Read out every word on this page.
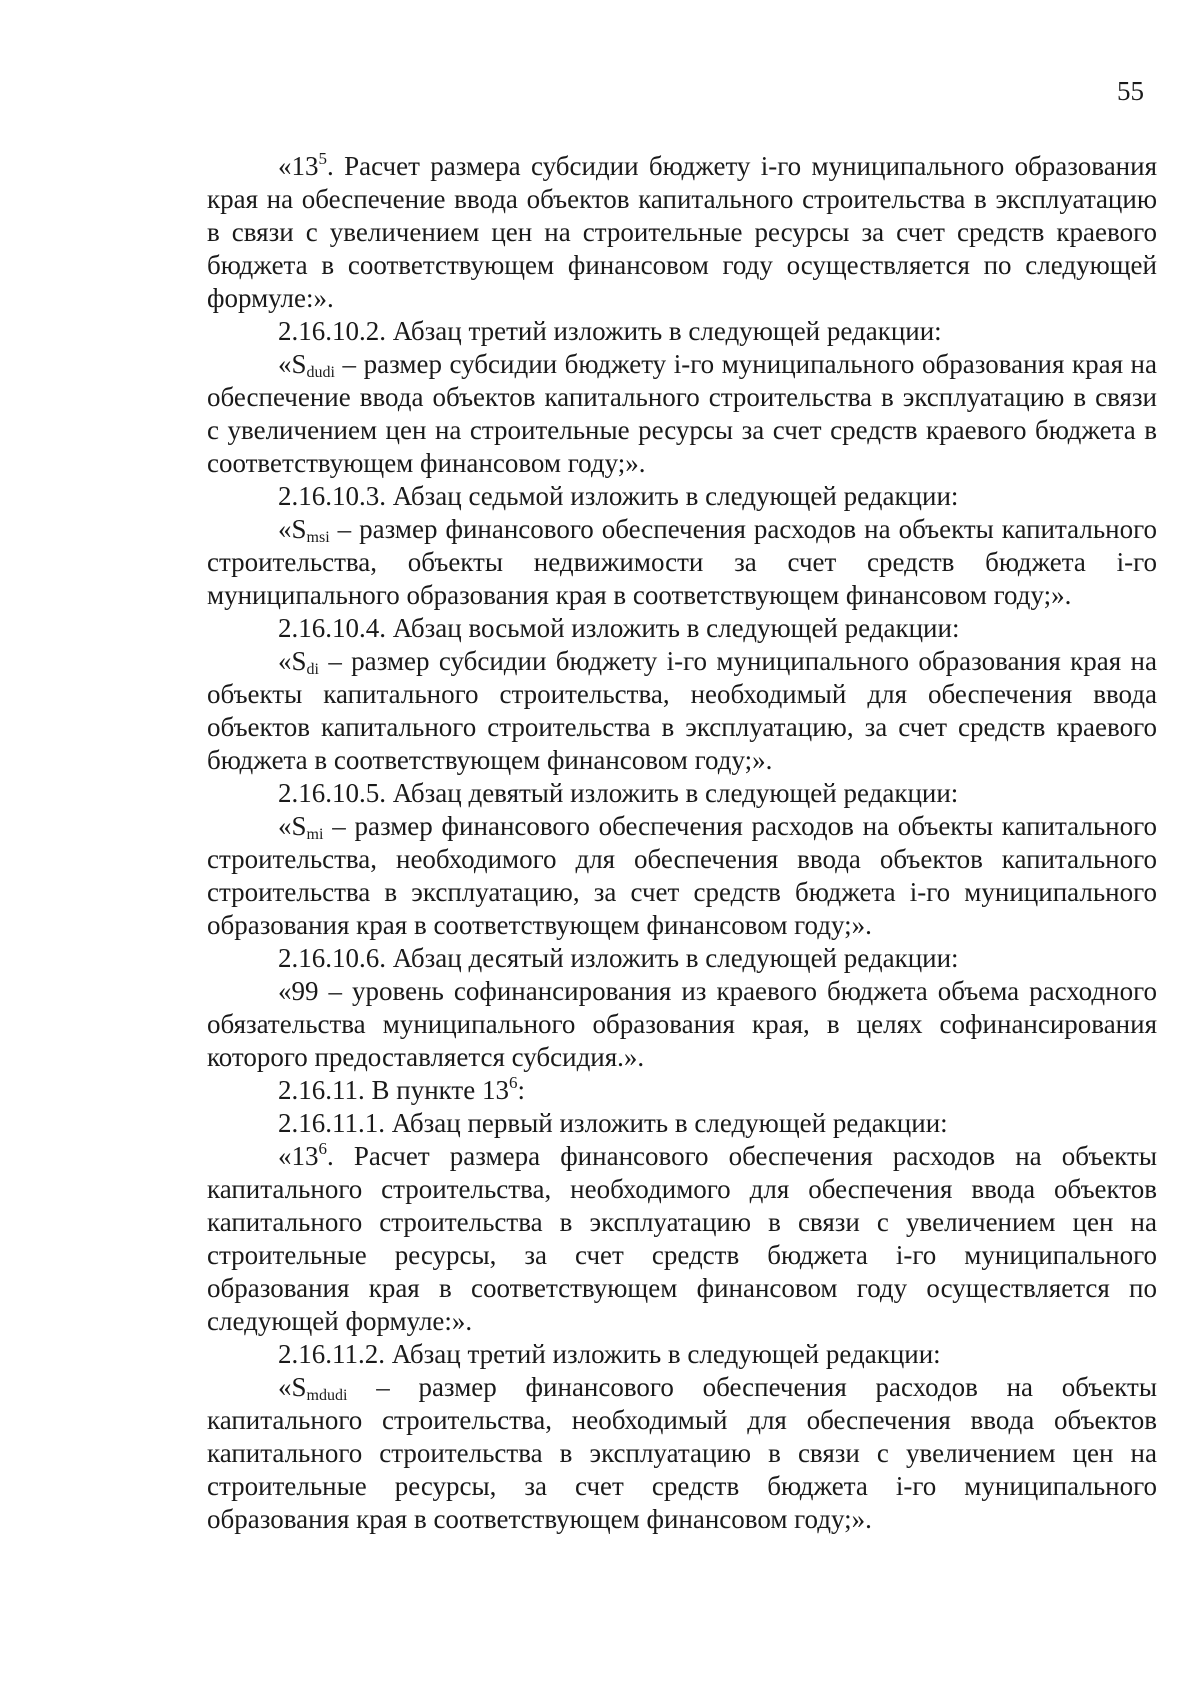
55

«$13^5$. Расчет размера субсидии бюджету i-го муниципального образования края на обеспечение ввода объектов капитального строительства в эксплуатацию в связи с увеличением цен на строительные ресурсы за счет средств краевого бюджета в соответствующем финансовом году осуществляется по следующей формуле:».

2.16.10.2. Абзац третий изложить в следующей редакции:

«$S_{dudi}$ – размер субсидии бюджету i-го муниципального образования края на обеспечение ввода объектов капитального строительства в эксплуатацию в связи с увеличением цен на строительные ресурсы за счет средств краевого бюджета в соответствующем финансовом году;».

2.16.10.3. Абзац седьмой изложить в следующей редакции:

«$S_{msi}$ – размер финансового обеспечения расходов на объекты капитального строительства, объекты недвижимости за счет средств бюджета i-го муниципального образования края в соответствующем финансовом году;».

2.16.10.4. Абзац восьмой изложить в следующей редакции:

«$S_{di}$ – размер субсидии бюджету i-го муниципального образования края на объекты капитального строительства, необходимый для обеспечения ввода объектов капитального строительства в эксплуатацию, за счет средств краевого бюджета в соответствующем финансовом году;».

2.16.10.5. Абзац девятый изложить в следующей редакции:

«$S_{mi}$ – размер финансового обеспечения расходов на объекты капитального строительства, необходимого для обеспечения ввода объектов капитального строительства в эксплуатацию, за счет средств бюджета i-го муниципального образования края в соответствующем финансовом году;».

2.16.10.6. Абзац десятый изложить в следующей редакции:

«99 – уровень софинансирования из краевого бюджета объема расходного обязательства муниципального образования края, в целях софинансирования которого предоставляется субсидия.».

2.16.11. В пункте $13^6$:

2.16.11.1. Абзац первый изложить в следующей редакции:

«$13^6$. Расчет размера финансового обеспечения расходов на объекты капитального строительства, необходимого для обеспечения ввода объектов капитального строительства в эксплуатацию в связи с увеличением цен на строительные ресурсы, за счет средств бюджета i-го муниципального образования края в соответствующем финансовом году осуществляется по следующей формуле:».

2.16.11.2. Абзац третий изложить в следующей редакции:

«$S_{mdudi}$ – размер финансового обеспечения расходов на объекты капитального строительства, необходимый для обеспечения ввода объектов капитального строительства в эксплуатацию в связи с увеличением цен на строительные ресурсы, за счет средств бюджета i-го муниципального образования края в соответствующем финансовом году;».
